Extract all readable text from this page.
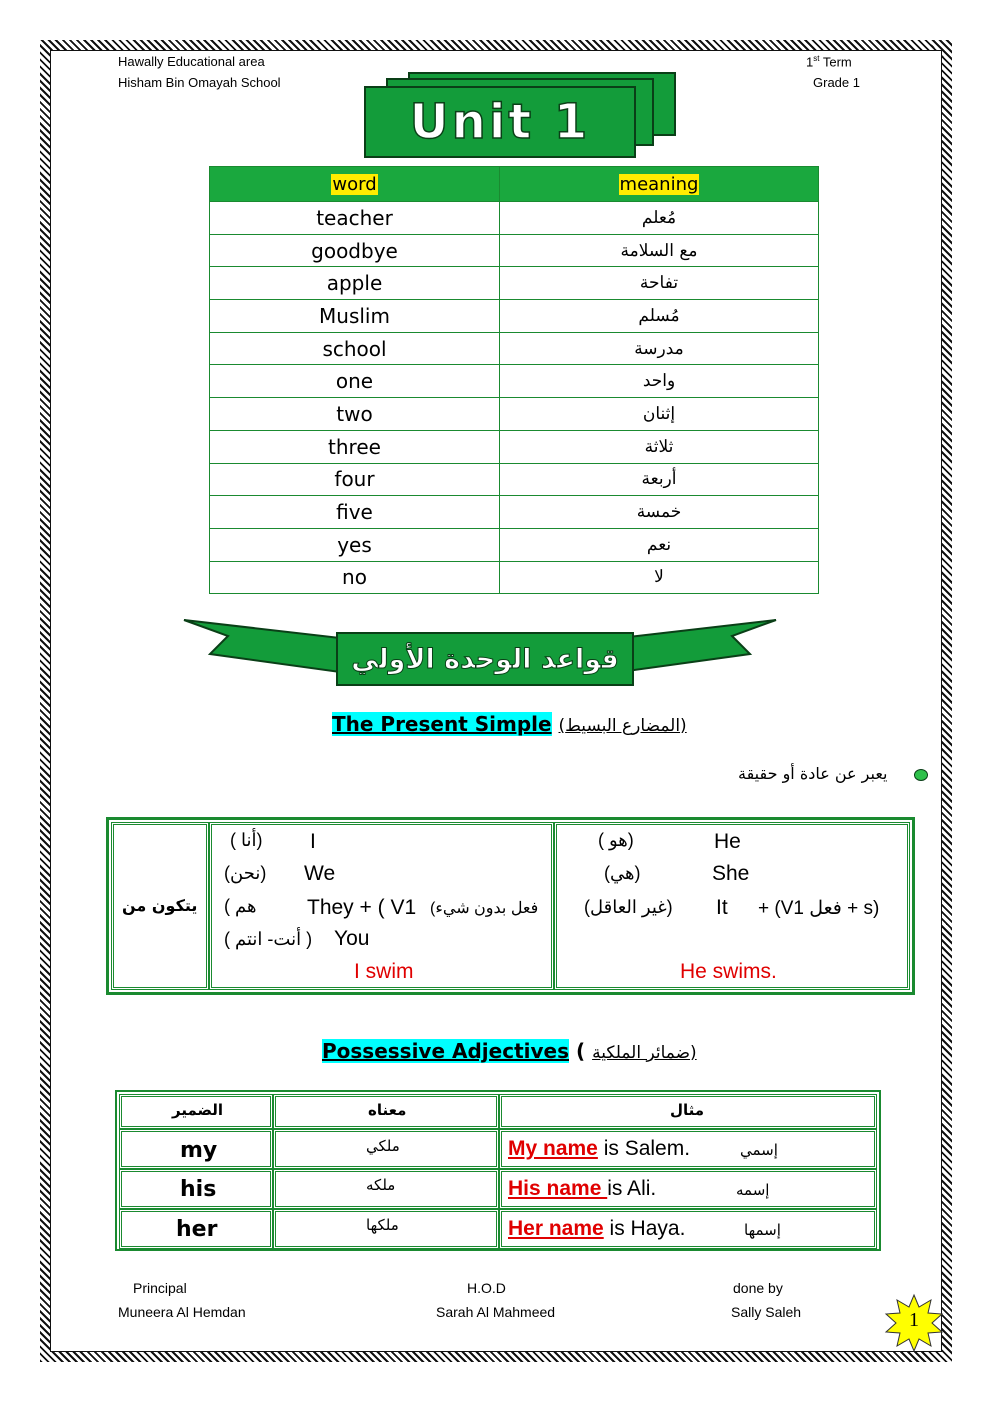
Hawally Educational area
Hisham Bin Omayah School
1st Term
Grade 1
Unit 1
word	meaning
teacher	مُعلم
goodbye	مع السلامة
apple	تفاحة
Muslim	مُسلم
school	مدرسة
one	واحد
two	إثنان
three	ثلاثة
four	أربعة
five	خمسة
yes	نعم
no	لا
قواعد الوحدة الأولي
The Present Simple (المضارع البسيط)
يعبر عن عادة أو حقيقة
يتكون من
( أنا) I
(نحن) We
( هم They + ( V1 فعل بدون شيء)
( أنت- انتم ) You
I swim
( هو)	He
(هي)	She
(غير العاقل) It + (V1 فعل + s)
He swims.
Possessive Adjectives ( ضمائر الملكية)
الضمير	معناه	مثال
my	ملكي	My name is Salem.	إسمي
his	ملكه	His name is Ali.	إسمه
her	ملكها	Her name is Haya.	إسمها
Principal
Muneera Al Hemdan
H.O.D
Sarah Al Mahmeed
done by
Sally Saleh	1
